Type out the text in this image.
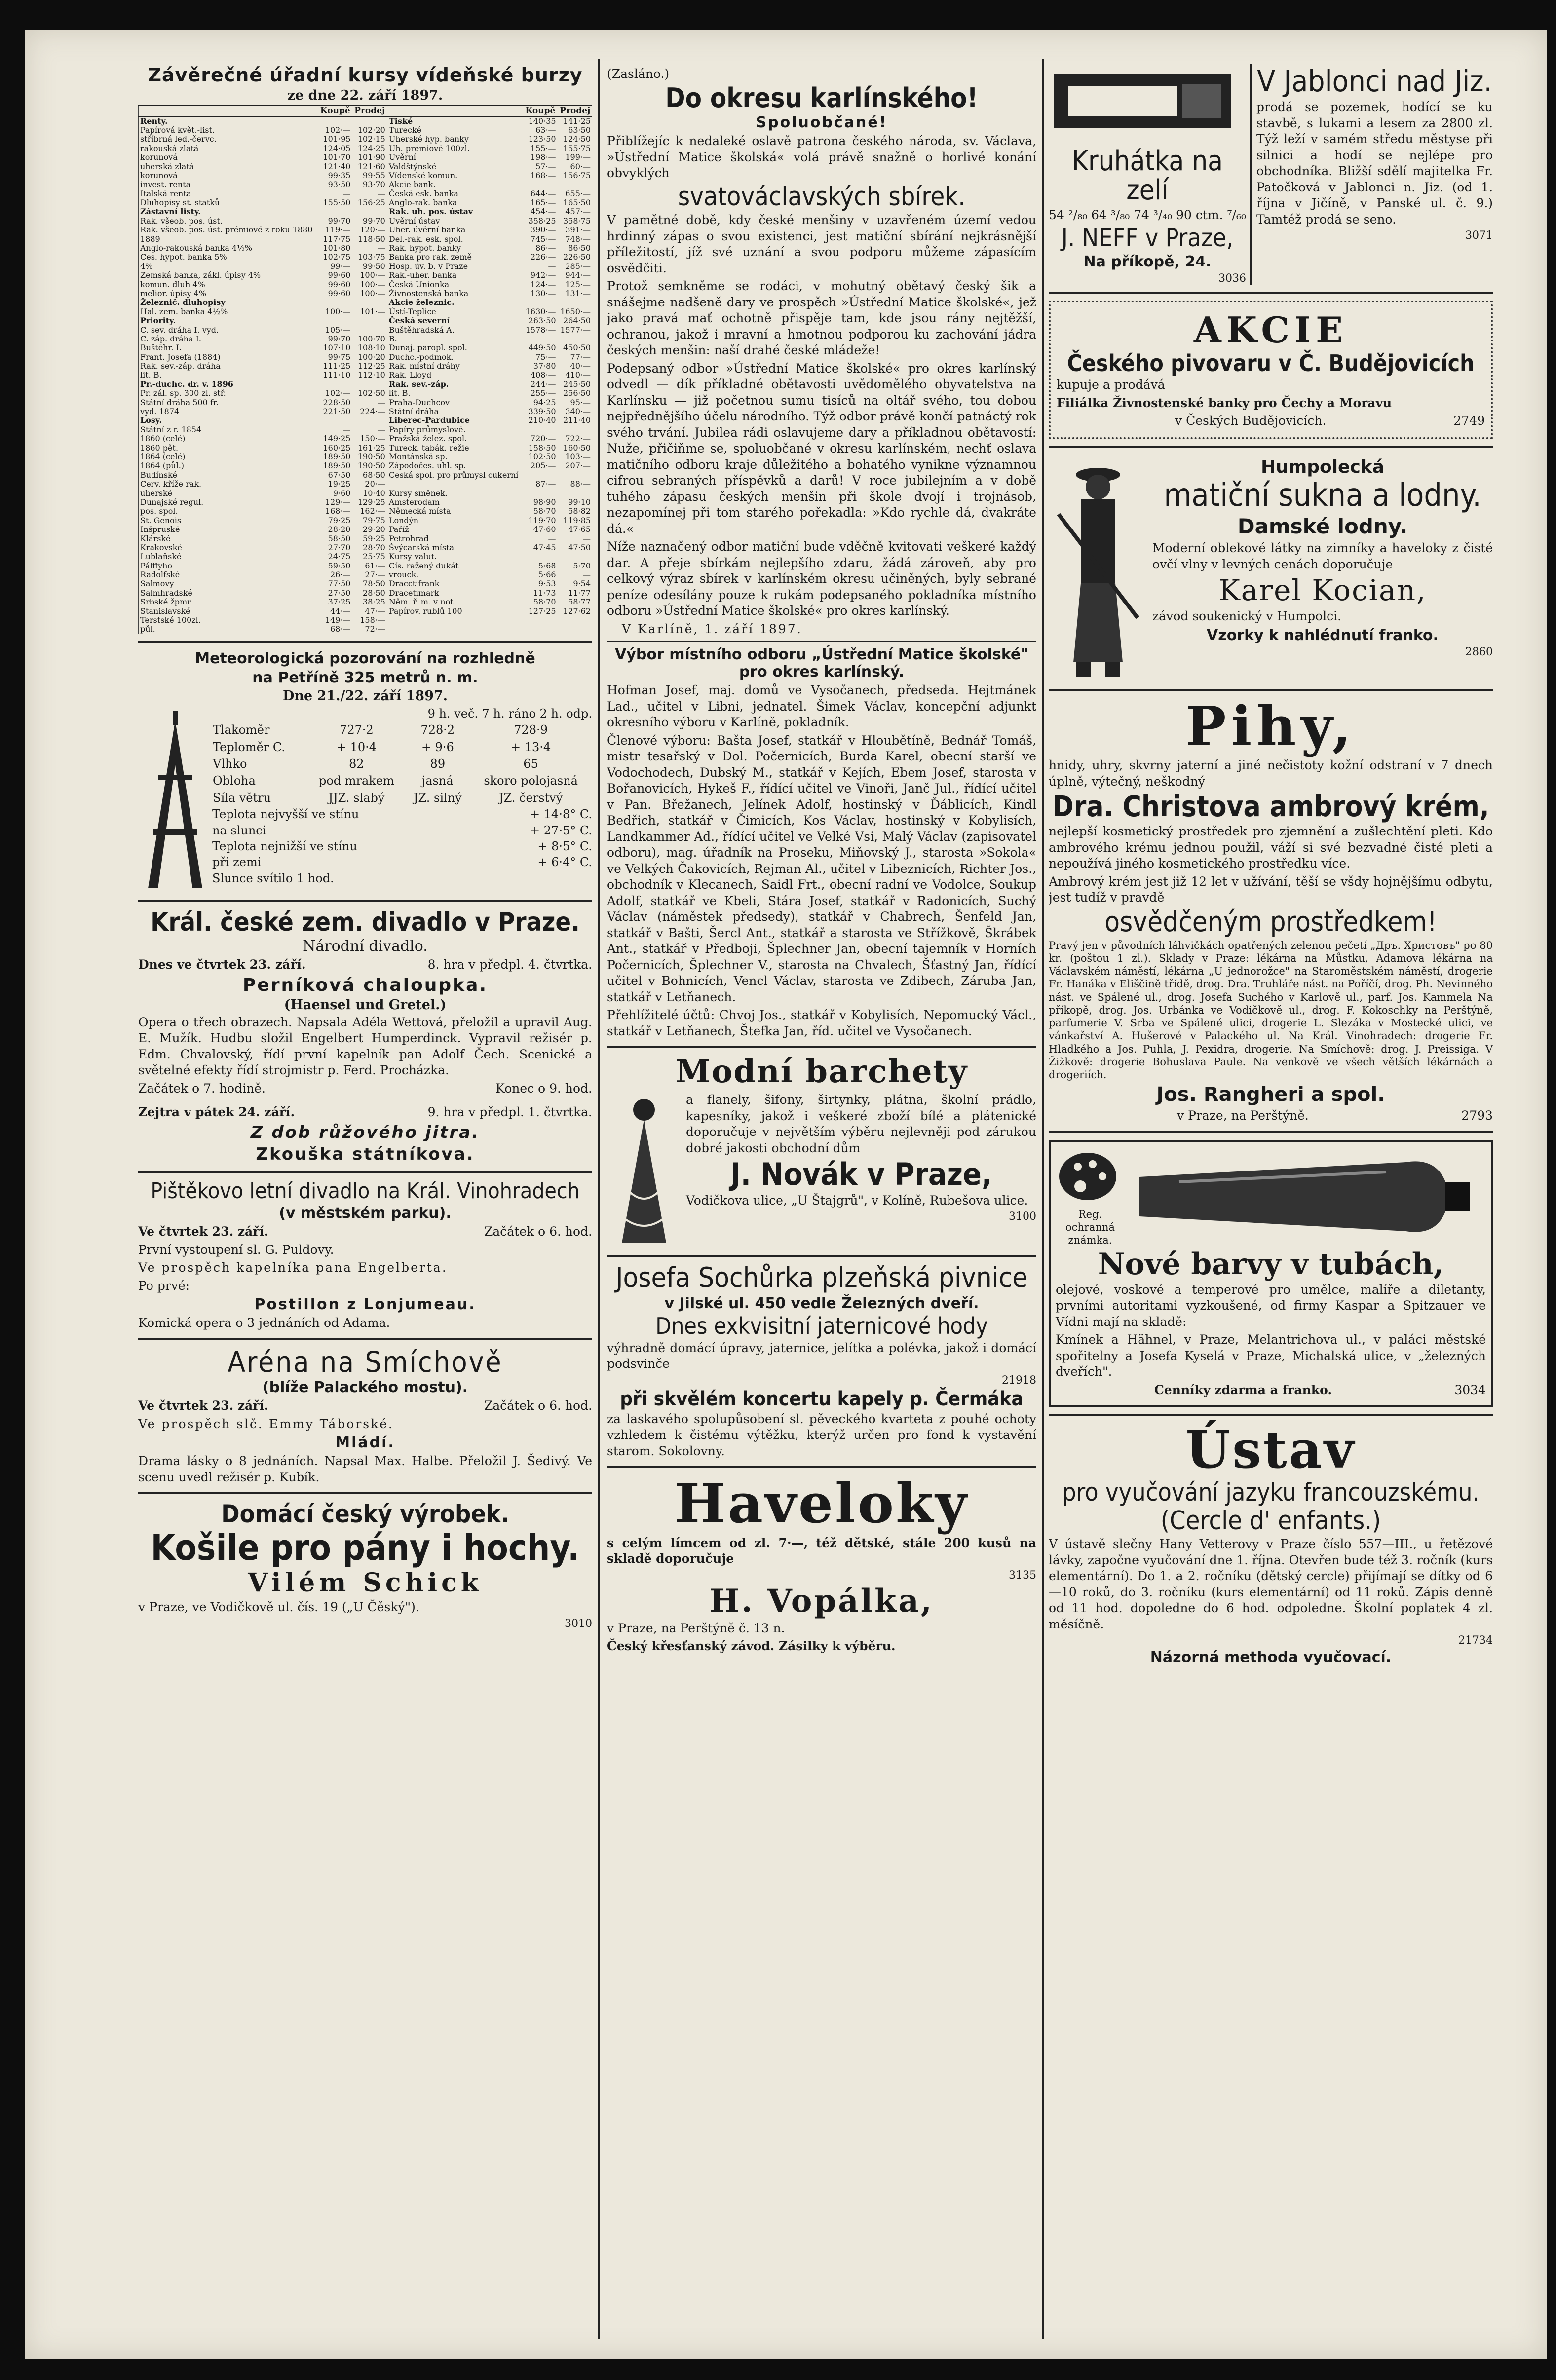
Závěrečné úřadní kursy vídeňské burzy
ze dne 22. září 1897.
	Koupě	Prodej		Koupě	Prodej
Renty.			Tiské	140·35	141·25
Papírová květ.-list.	102·—	102·20	Turecké	63·—	63·50
stříbrná led.-červc.	101·95	102·15	Uherské hyp. banky	123·50	124·50
rakouská zlatá	124·05	124·25	Uh. prémiové 100zl.	155·—	155·75
korunová	101·70	101·90	Úvěrní	198·—	199·—
uherská zlatá	121·40	121·60	Valdštýnské	57·—	60·—
korunová	99·35	99·55	Vídenské komun.	168·—	156·75
invest. renta	93·50	93·70	Akcie bank.		
Italská renta	—	—	Česká esk. banka	644·—	655·—
Dluhopisy st. statků	155·50	156·25	Anglo-rak. banka	165·—	165·50
Zástavní listy.			Rak. uh. pos. ústav	454·—	457·—
Rak. všeob. pos. úst.	99·70	99·70	Úvěrní ústav	358·25	358·75
Rak. všeob. pos. úst. prémiové z roku 1880	119·—	120·—	Uher. úvěrní banka	390·—	391·—
1889	117·75	118·50	Del.-rak. esk. spol.	745·—	748·—
Anglo-rakouská banka 4½%	101·80	—	Rak. hypot. banky	86·—	86·50
Čes. hypot. banka 5%	102·75	103·75	Banka pro rak. země	226·—	226·50
4%	99·—	99·50	Hosp. úv. b. v Praze	—	285·—
Zemská banka, zákl. úpisy 4%	99·60	100·—	Rak.-uher. banka	942·—	944·—
komun. dluh 4%	99·60	100·—	Česká Unionka	124·—	125·—
melior. úpisy 4%	99·60	100·—	Živnostenská banka	130·—	131·—
Železnič. dluhopisy			Akcie železnic.		
Hal. zem. banka 4½%	100·—	101·—	Ústí-Teplice	1630·—	1650·—
Priority.			Česká severní	263·50	264·50
Č. sev. dráha I. vyd.	105·—		Buštěhradská A.	1578·—	1577·—
Č. záp. dráha I.	99·70	100·70	B.		
Buštěhr. I.	107·10	108·10	Dunaj. paropl. spol.	449·50	450·50
Frant. Josefa (1884)	99·75	100·20	Duchc.-podmok.	75·—	77·—
Rak. sev.-záp. dráha	111·25	112·25	Rak. místní dráhy	37·80	40·—
lit. B.	111·10	112·10	Rak. Lloyd	408·—	410·—
Pr.-duchc. dr. v. 1896			Rak. sev.-záp.	244·—	245·50
Pr. zál. sp. 300 zl. stř.	102·—	102·50	lit. B.	255·—	256·50
Státní dráha 500 fr.	228·50	—	Praha-Duchcov	94·25	95·—
vyd. 1874	221·50	224·—	Státní dráha	339·50	340·—
Losy.			Liberec-Pardubice	210·40	211·40
Státní z r. 1854	—	—	Papíry průmyslové.		
1860 (celé)	149·25	150·—	Pražská želez. spol.	720·—	722·—
1860 pět.	160·25	161·25	Tureck. tabák. režie	158·50	160·50
1864 (celé)	189·50	190·50	Montánská sp.	102·50	103·—
1864 (půl.)	189·50	190·50	Zápodočes. uhl. sp.	205·—	207·—
Budínské	67·50	68·50	Česká spol. pro průmysl cukerní		
Červ. kříže rak.	19·25	20·—		87·—	88·—
uherské	9·60	10·40	Kursy směnek.		
Dunajské regul.	129·—	129·25	Amsterodam	98·90	99·10
pos. spol.	168·—	162·—	Německá místa	58·70	58·82
St. Genois	79·25	79·75	Londýn	119·70	119·85
Inšpruské	28·20	29·20	Paříž	47·60	47·65
Klárské	58·50	59·25	Petrohrad	—	—
Krakovské	27·70	28·70	Švýcarská místa	47·45	47·50
Lublaňské	24·75	25·75	Kursy valut.		
Pálffyho	59·50	61·—	Cís. ražený dukát	5·68	5·70
Radolfské	26·—	27·—	vrouck.	5·66	—
Salmovy	77·50	78·50	Dracctifrank	9·53	9·54
Salmhradské	27·50	28·50	Dracetimark	11·73	11·77
Srbské žpmr.	37·25	38·25	Něm. ř. m. v not.	58·70	58·77
Stanislavské	44·—	47·—	Papírov. rublů 100	127·25	127·62
Terstské 100zl.	149·—	158·—			
půl.	68·—	72·—			
Meteorologická pozorování na rozhledně
na Petříně 325 metrů n. m.
Dne 21./22. září 1897.
9 h. več. 7 h. ráno 2 h. odp.
Tlakoměr	727·2	728·2	728·9
Teploměr C.	+ 10·4	+ 9·6	+ 13·4
Vlhko	82	89	65
Obloha	pod mrakem	jasná	skoro polojasná
Síla větru	JJZ. slabý	JZ. silný	JZ. čerstvý
Teplota nejvyšší ve stínu	+ 14·8° C.
na slunci	+ 27·5° C.
Teplota nejnižší ve stínu	+ 8·5° C.
při zemi	+ 6·4° C.
Slunce svítilo 1 hod.
Král. české zem. divadlo v Praze.
Národní divadlo.
Dnes ve čtvrtek 23. září.	8. hra v předpl. 4. čtvrtka.
Perníková chaloupka.
(Haensel und Gretel.)
Opera o třech obrazech. Napsala Adéla Wettová, přeložil a upravil Aug. E. Mužík. Hudbu složil Engelbert Humperdinck. Vypravil režisér p. Edm. Chvalovský, řídí první kapelník pan Adolf Čech. Scenické a světelné efekty řídí strojmistr p. Ferd. Procházka.
Začátek o 7. hodině.	Konec o 9. hod.
Zejtra v pátek 24. září.	9. hra v předpl. 1. čtvrtka.
Z dob růžového jitra.
Zkouška státníkova.
Pištěkovo letní divadlo na Král. Vinohradech
(v městském parku).
Ve čtvrtek 23. září.	Začátek o 6. hod.
První vystoupení sl. G. Puldovy.
Ve prospěch kapelníka pana Engelberta.
Po prvé:
Postillon z Lonjumeau.
Komická opera o 3 jednáních od Adama.
Aréna na Smíchově
(blíže Palackého mostu).
Ve čtvrtek 23. září.	Začátek o 6. hod.
Ve prospěch slč. Emmy Táborské.
Mládí.
Drama lásky o 8 jednáních. Napsal Max. Halbe. Přeložil J. Šedivý. Ve scenu uvedl režisér p. Kubík.
Domácí český výrobek.
Košile pro pány i hochy.
Vilém Schick
v Praze, ve Vodičkově ul. čís. 19 („U Čěský").
3010
(Zasláno.)
Do okresu karlínského!
Spoluobčané!
Přiblížejíc k nedaleké oslavě patrona českého národa, sv. Václava, »Ústřední Matice školská« volá právě snažně o horlivé konání obvyklých
svatováclavských sbírek.
V pamětné době, kdy české menšiny v uzavřeném území vedou hrdinný zápas o svou existenci, jest matiční sbírání nejkrásnější příležitostí, jíž své uznání a svou podporu můžeme zápasícím osvědčiti.
Protož semkněme se rodáci, v mohutný obětavý český šik a snášejme nadšeně dary ve prospěch »Ústřední Matice školské«, jež jako pravá mať ochotně přispěje tam, kde jsou rány nejtěžší, ochranou, jakož i mravní a hmotnou podporou ku zachování jádra českých menšin: naší drahé české mládeže!
Podepsaný odbor »Ústřední Matice školské« pro okres karlínský odvedl — dík příkladné obětavosti uvědomělého obyvatelstva na Karlínsku — již početnou sumu tisíců na oltář svého, tou dobou nejpřednějšího účelu národního. Týž odbor právě končí patnáctý rok svého trvání. Jubilea rádi oslavujeme dary a příkladnou obětavostí: Nuže, přičiňme se, spoluobčané v okresu karlínském, nechť oslava matičního odboru kraje důležitého a bohatého vynikne významnou cifrou sebraných příspěvků a darů! V roce jubilejním a v době tuhého zápasu českých menšin při škole dvojí i trojnásob, nezapomínej při tom starého pořekadla: »Kdo rychle dá, dvakráte dá.«
Níže naznačený odbor matiční bude vděčně kvitovati veškeré každý dar. A přeje sbírkám nejlepšího zdaru, žádá zároveň, aby pro celkový výraz sbírek v karlínském okresu učiněných, byly sebrané peníze odesílány pouze k rukám podepsaného pokladníka místního odboru »Ústřední Matice školské« pro okres karlínský.
V Karlíně, 1. září 1897.
Výbor místního odboru „Ústřední Matice školské" pro okres karlínský.
Hofman Josef, maj. domů ve Vysočanech, předseda. Hejtmánek Lad., učitel v Libni, jednatel. Šimek Václav, koncepční adjunkt okresního výboru v Karlíně, pokladník.
Členové výboru: Bašta Josef, statkář v Hloubětíně, Bednář Tomáš, mistr tesařský v Dol. Počernicích, Burda Karel, obecní starší ve Vodochodech, Dubský M., statkář v Kejích, Ebem Josef, starosta v Bořanovicích, Hykeš F., řídící učitel ve Vinoři, Janč Jul., řídící učitel v Pan. Břežanech, Jelínek Adolf, hostinský v Ďáblicích, Kindl Bedřich, statkář v Čimicích, Kos Václav, hostinský v Kobylisích, Landkammer Ad., řídící učitel ve Velké Vsi, Malý Václav (zapisovatel odboru), mag. úřadník na Proseku, Miňovský J., starosta »Sokola« ve Velkých Čakovicích, Rejman Al., učitel v Libeznicích, Richter Jos., obchodník v Klecanech, Saidl Frt., obecní radní ve Vodolce, Soukup Adolf, statkář ve Kbeli, Stára Josef, statkář v Radonicích, Suchý Václav (náměstek předsedy), statkář v Chabrech, Šenfeld Jan, statkář v Bašti, Šercl Ant., statkář a starosta ve Střížkově, Škrábek Ant., statkář v Předboji, Šplechner Jan, obecní tajemník v Horních Počernicích, Šplechner V., starosta na Chvalech, Šťastný Jan, řídící učitel v Bohnicích, Vencl Václav, starosta ve Zdibech, Záruba Jan, statkář v Letňanech.
Přehlížitelé účtů: Chvoj Jos., statkář v Kobylisích, Nepomucký Václ., statkář v Letňanech, Štefka Jan, říd. učitel ve Vysočanech.
Modní barchety
a flanely, šifony, širtynky, plátna, školní prádlo, kapesníky, jakož i veškeré zboží bílé a plátenické doporučuje v největším výběru nejlevněji pod zárukou dobré jakosti obchodní dům
J. Novák v Praze,
Vodičkova ulice, „U Štajgrů", v Kolíně, Rubešova ulice.
3100
Josefa Sochůrka plzeňská pivnice
v Jilské ul. 450 vedle Železných dveří.
Dnes exkvisitní jaternicové hody
výhradně domácí úpravy, jaternice, jelítka a polévka, jakož i domácí podsvinče
21918
při skvělém koncertu kapely p. Čermáka
za laskavého spolupůsobení sl. pěveckého kvarteta z pouhé ochoty vzhledem k čistému výtěžku, kterýž určen pro fond k vystavění starom. Sokolovny.
Haveloky
s celým límcem od zl. 7·—, též dětské, stále 200 kusů na skladě doporučuje
3135
H. Vopálka,
v Praze, na Perštýně č. 13 n.
Český křesťanský závod. Zásilky k výběru.
Kruhátka na zelí
54 ²/₈₀ 64 ³/₈₀ 74 ³/₄₀ 90 ctm. ⁷/₆₀
J. NEFF v Praze,
Na příkopě, 24.
3036
V Jablonci nad Jiz.
prodá se pozemek, hodící se ku stavbě, s lukami a lesem za 2800 zl. Týž leží v samém středu městyse při silnici a hodí se nejlépe pro obchodníka. Bližší sdělí majitelka Fr. Patočková v Jablonci n. Jiz. (od 1. října v Jičíně, v Panské ul. č. 9.) Tamtéž prodá se seno.
3071
AKCIE
Českého pivovaru v Č. Budějovicích
kupuje a prodává
Filiálka Živnostenské banky pro Čechy a Moravu
v Českých Budějovicích.	2749
Humpolecká
matiční sukna a lodny.
Damské lodny.
Moderní oblekové látky na zimníky a haveloky z čisté ovčí vlny v levných cenách doporučuje
Karel Kocian,
závod soukenický v Humpolci.
Vzorky k nahlédnutí franko.
2860
Pihy,
hnidy, uhry, skvrny jaterní a jiné nečistoty kožní odstraní v 7 dnech úplně, výtečný, neškodný
Dra. Christova ambrový krém,
nejlepší kosmetický prostředek pro zjemnění a zušlechtění pleti. Kdo ambrového krému jednou použil, váží si své bezvadné čisté pleti a nepoužívá jiného kosmetického prostředku více.
Ambrový krém jest již 12 let v užívání, těší se všdy hojnějšímu odbytu, jest tudíž v pravdě
osvědčeným prostředkem!
Pravý jen v původních láhvičkách opatřených zelenou pečetí „Дръ. Христовъ" po 80 kr. (poštou 1 zl.). Sklady v Praze: lékárna na Můstku, Adamova lékárna na Václavském náměstí, lékárna „U jednorožce" na Staroměstském náměstí, drogerie Fr. Hanáka v Eliščině třídě, drog. Dra. Truhláře nást. na Poříčí, drog. Ph. Nevinného nást. ve Spálené ul., drog. Josefa Suchého v Karlově ul., parf. Jos. Kammela Na příkopě, drog. Jos. Urbánka ve Vodičkově ul., drog. F. Kokoschky na Perštýně, parfumerie V. Srba ve Spálené ulici, drogerie L. Slezáka v Mostecké ulici, ve vánkařství A. Hušerové v Palackého ul. Na Král. Vinohradech: drogerie Fr. Hladkého a Jos. Puhla, J. Pexidra, drogerie. Na Smíchově: drog. J. Preissiga. V Žižkově: drogerie Bohuslava Paule. Na venkově ve všech větších lékárnách a drogeriích.
Jos. Rangheri a spol.
v Praze, na Perštýně.	2793
Reg. ochranná známka.
Nové barvy v tubách,
olejové, voskové a temperové pro umělce, malíře a diletanty, prvními autoritami vyzkoušené, od firmy Kaspar a Spitzauer ve Vídni mají na skladě:
Kmínek a Hähnel, v Praze, Melantrichova ul., v paláci městské spořitelny a Josefa Kyselá v Praze, Michalská ulice, v „železných dveřích".
Cenníky zdarma a franko.	3034
Ústav
pro vyučování jazyku francouzskému.
(Cercle d' enfants.)
V ústavě slečny Hany Vetterovy v Praze číslo 557—III., u řetězové lávky, započne vyučování dne 1. října. Otevřen bude též 3. ročník (kurs elementární). Do 1. a 2. ročníku (dětský cercle) přijímají se dítky od 6—10 roků, do 3. ročníku (kurs elementární) od 11 roků. Zápis denně od 11 hod. dopoledne do 6 hod. odpoledne. Školní poplatek 4 zl. měsíčně.
21734
Názorná methoda vyučovací.
